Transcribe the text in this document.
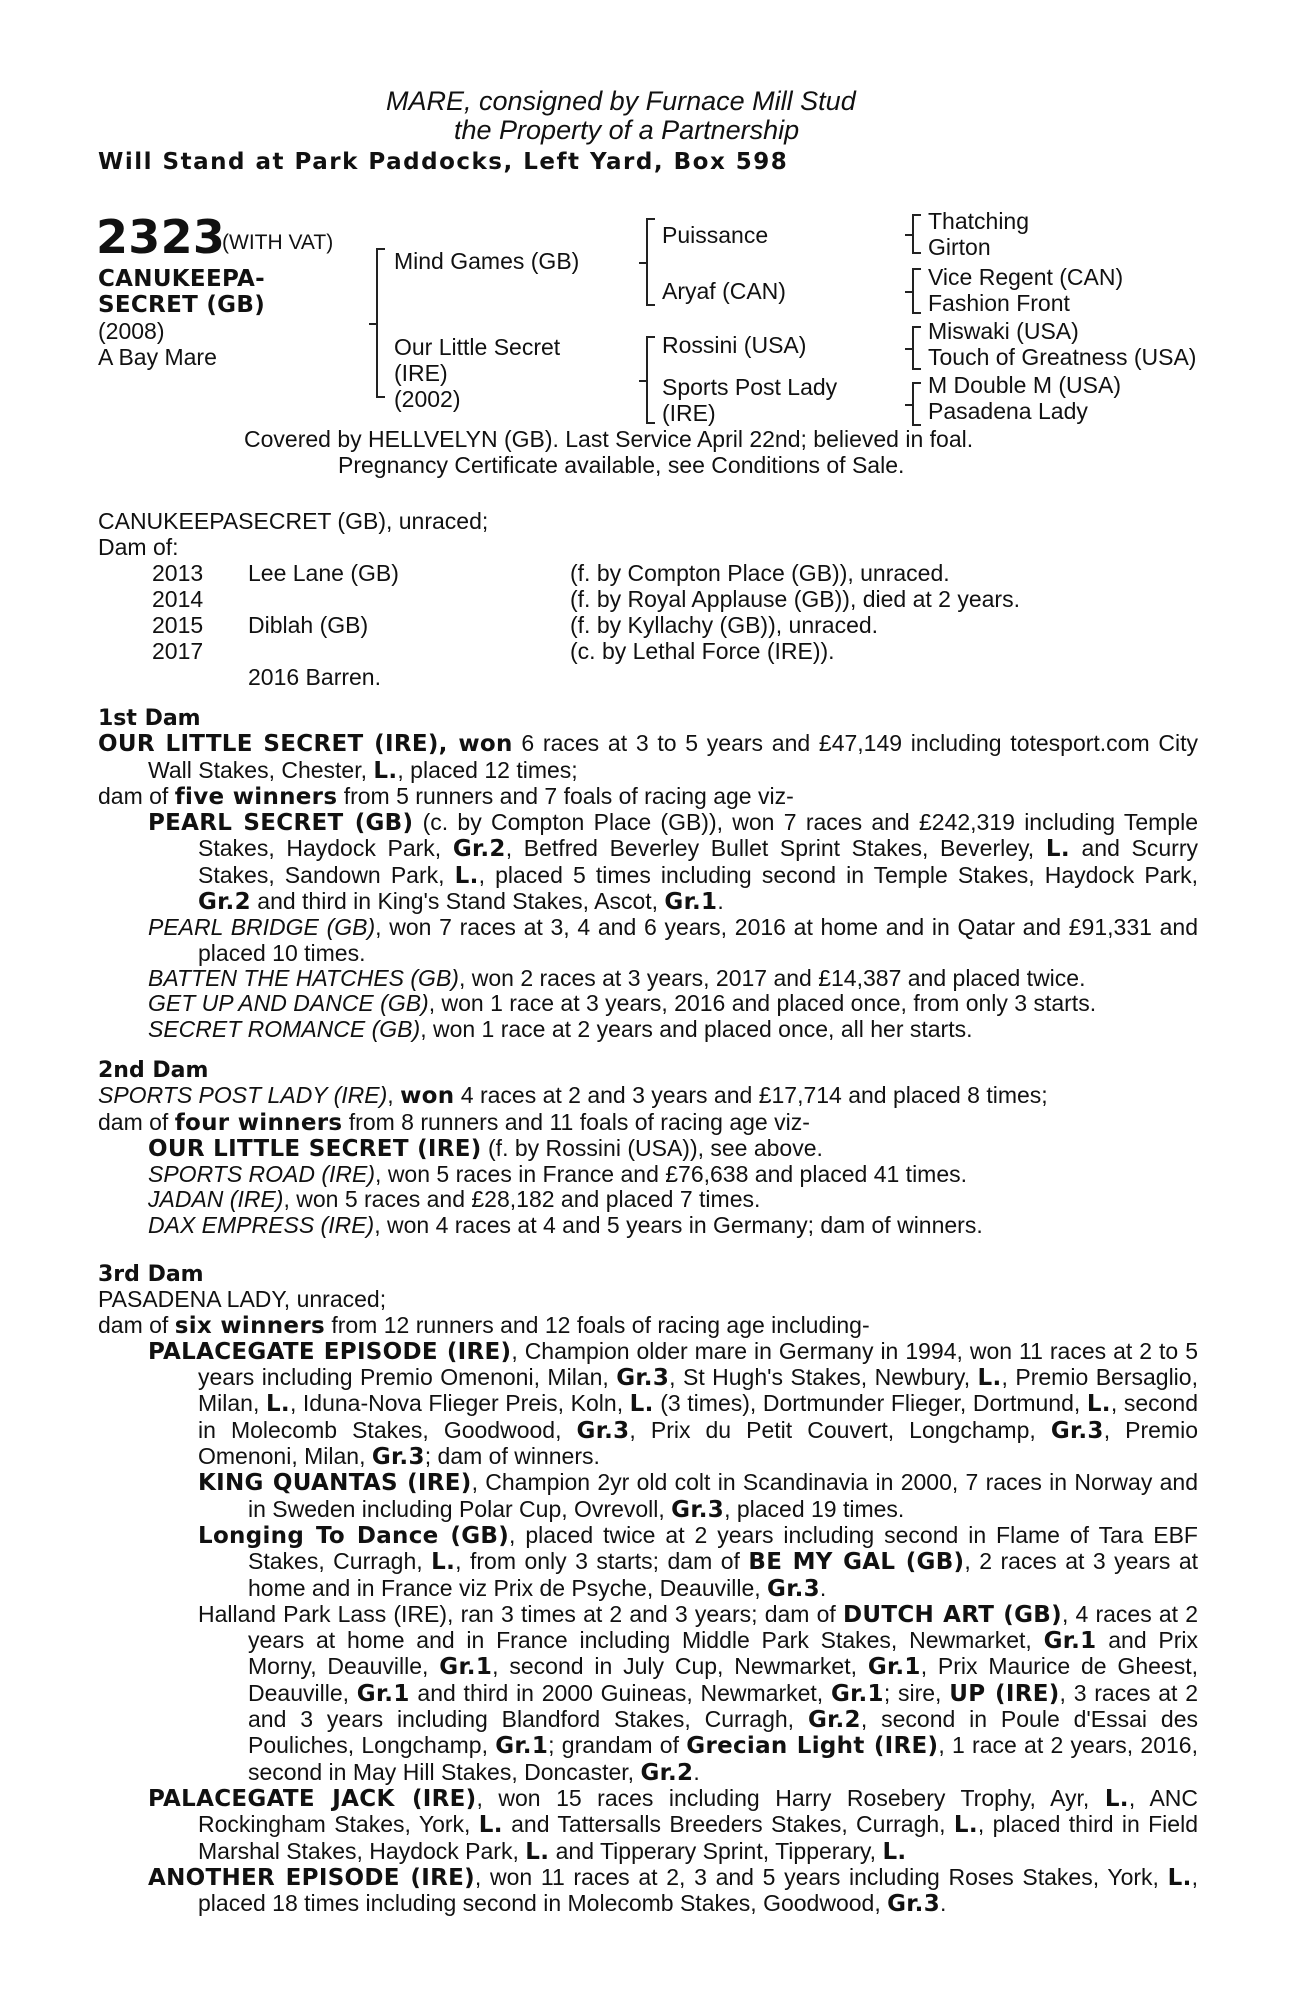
MARE, consigned by Furnace Mill Stud
the Property of a Partnership
Will Stand at Park Paddocks, Left Yard, Box 598
2323
(WITH VAT)
CANUKEEPA-
SECRET (GB)
(2008)
A Bay Mare
Mind Games (GB)
Our Little Secret
(IRE)
(2002)
Puissance
Aryaf (CAN)
Rossini (USA)
Sports Post Lady
(IRE)
Thatching
Girton
Vice Regent (CAN)
Fashion Front
Miswaki (USA)
Touch of Greatness (USA)
M Double M (USA)
Pasadena Lady
Covered by HELLVELYN (GB). Last Service April 22nd; believed in foal.
Pregnancy Certificate available, see Conditions of Sale.
CANUKEEPASECRET (GB), unraced;
Dam of:
2013 Lee Lane (GB)	(f. by Compton Place (GB)), unraced.
2014	(f. by Royal Applause (GB)), died at 2 years.
2015 Diblah (GB)	(f. by Kyllachy (GB)), unraced.
2017	(c. by Lethal Force (IRE)).
2016 Barren.

1st Dam

OUR LITTLE SECRET (IRE), won 6 races at 3 to 5 years and £47,149 including totesport.com City Wall Stakes, Chester, L., placed 12 times;

dam of five winners from 5 runners and 7 foals of racing age viz-

PEARL SECRET (GB) (c. by Compton Place (GB)), won 7 races and £242,319 including Temple Stakes, Haydock Park, Gr.2, Betfred Beverley Bullet Sprint Stakes, Beverley, L. and Scurry Stakes, Sandown Park, L., placed 5 times including second in Temple Stakes, Haydock Park, Gr.2 and third in King's Stand Stakes, Ascot, Gr.1.

PEARL BRIDGE (GB), won 7 races at 3, 4 and 6 years, 2016 at home and in Qatar and £91,331 and placed 10 times.

BATTEN THE HATCHES (GB), won 2 races at 3 years, 2017 and £14,387 and placed twice.

GET UP AND DANCE (GB), won 1 race at 3 years, 2016 and placed once, from only 3 starts.

SECRET ROMANCE (GB), won 1 race at 2 years and placed once, all her starts.

2nd Dam

SPORTS POST LADY (IRE), won 4 races at 2 and 3 years and £17,714 and placed 8 times;

dam of four winners from 8 runners and 11 foals of racing age viz-

OUR LITTLE SECRET (IRE) (f. by Rossini (USA)), see above.

SPORTS ROAD (IRE), won 5 races in France and £76,638 and placed 41 times.

JADAN (IRE), won 5 races and £28,182 and placed 7 times.

DAX EMPRESS (IRE), won 4 races at 4 and 5 years in Germany; dam of winners.

3rd Dam

PASADENA LADY, unraced;

dam of six winners from 12 runners and 12 foals of racing age including-

PALACEGATE EPISODE (IRE), Champion older mare in Germany in 1994, won 11 races at 2 to 5 years including Premio Omenoni, Milan, Gr.3, St Hugh's Stakes, Newbury, L., Premio Bersaglio, Milan, L., Iduna-Nova Flieger Preis, Koln, L. (3 times), Dortmunder Flieger, Dortmund, L., second in Molecomb Stakes, Goodwood, Gr.3, Prix du Petit Couvert, Longchamp, Gr.3, Premio Omenoni, Milan, Gr.3; dam of winners.

KING QUANTAS (IRE), Champion 2yr old colt in Scandinavia in 2000, 7 races in Norway and in Sweden including Polar Cup, Ovrevoll, Gr.3, placed 19 times.

Longing To Dance (GB), placed twice at 2 years including second in Flame of Tara EBF Stakes, Curragh, L., from only 3 starts; dam of BE MY GAL (GB), 2 races at 3 years at home and in France viz Prix de Psyche, Deauville, Gr.3.

Halland Park Lass (IRE), ran 3 times at 2 and 3 years; dam of DUTCH ART (GB), 4 races at 2 years at home and in France including Middle Park Stakes, Newmarket, Gr.1 and Prix Morny, Deauville, Gr.1, second in July Cup, Newmarket, Gr.1, Prix Maurice de Gheest, Deauville, Gr.1 and third in 2000 Guineas, Newmarket, Gr.1; sire, UP (IRE), 3 races at 2 and 3 years including Blandford Stakes, Curragh, Gr.2, second in Poule d'Essai des Pouliches, Longchamp, Gr.1; grandam of Grecian Light (IRE), 1 race at 2 years, 2016, second in May Hill Stakes, Doncaster, Gr.2.

PALACEGATE JACK (IRE), won 15 races including Harry Rosebery Trophy, Ayr, L., ANC Rockingham Stakes, York, L. and Tattersalls Breeders Stakes, Curragh, L., placed third in Field Marshal Stakes, Haydock Park, L. and Tipperary Sprint, Tipperary, L.

ANOTHER EPISODE (IRE), won 11 races at 2, 3 and 5 years including Roses Stakes, York, L., placed 18 times including second in Molecomb Stakes, Goodwood, Gr.3.
